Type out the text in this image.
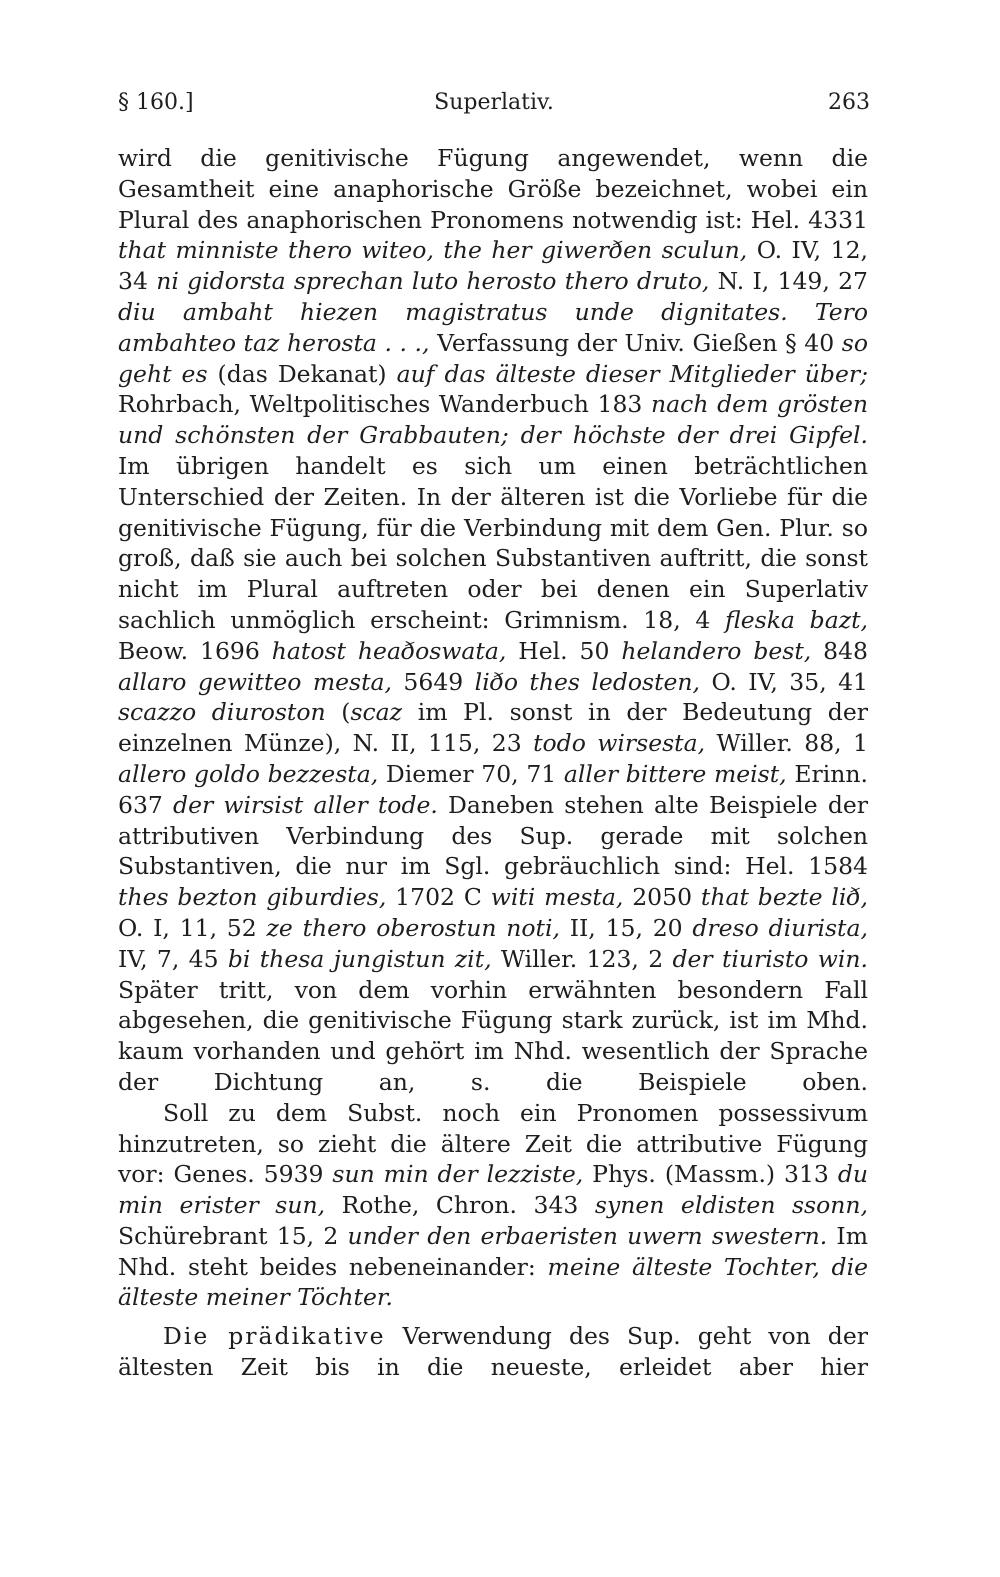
§ 160.]	Superlativ.	263

wird die genitivische Fügung angewendet, wenn die Gesamtheit eine anaphorische Größe bezeichnet, wobei ein Plural des anaphorischen Pronomens notwendig ist: Hel. 4331 that minniste thero witeo, the her giwerðen sculun, O. IV, 12, 34 ni gidorsta sprechan luto herosto thero druto, N. I, 149, 27 diu ambaht hiezen magistratus unde dignitates. Tero ambahteo taz herosta . . ., Verfassung der Univ. Gießen § 40 so geht es (das Dekanat) auf das älteste dieser Mitglieder über; Rohrbach, Weltpolitisches Wanderbuch 183 nach dem grösten und schönsten der Grabbauten; der höchste der drei Gipfel. Im übrigen handelt es sich um einen beträchtlichen Unterschied der Zeiten. In der älteren ist die Vorliebe für die genitivische Fügung, für die Verbindung mit dem Gen. Plur. so groß, daß sie auch bei solchen Substantiven auftritt, die sonst nicht im Plural auftreten oder bei denen ein Superlativ sachlich unmöglich erscheint: Grimnism. 18, 4 fleska bazt, Beow. 1696 hatost heaðoswata, Hel. 50 helandero best, 848 allaro gewitteo mesta, 5649 liðo thes ledosten, O. IV, 35, 41 scazzo diuroston (scaz im Pl. sonst in der Bedeutung der einzelnen Münze), N. II, 115, 23 todo wirsesta, Willer. 88, 1 allero goldo bezzesta, Diemer 70, 71 aller bittere meist, Erinn. 637 der wirsist aller tode. Daneben stehen alte Beispiele der attributiven Verbindung des Sup. gerade mit solchen Substantiven, die nur im Sgl. gebräuchlich sind: Hel. 1584 thes bezton giburdies, 1702 C witi mesta, 2050 that bezte lið, O. I, 11, 52 ze thero oberostun noti, II, 15, 20 dreso diurista, IV, 7, 45 bi thesa jungistun zit, Willer. 123, 2 der tiuristo win. Später tritt, von dem vorhin erwähnten besondern Fall abgesehen, die genitivische Fügung stark zurück, ist im Mhd. kaum vorhanden und gehört im Nhd. wesentlich der Sprache der Dichtung an, s. die Beispiele oben.

Soll zu dem Subst. noch ein Pronomen possessivum hinzutreten, so zieht die ältere Zeit die attributive Fügung vor: Genes. 5939 sun min der lezziste, Phys. (Massm.) 313 du min erister sun, Rothe, Chron. 343 synen eldisten ssonn, Schürebrant 15, 2 under den erbaeristen uwern swestern. Im Nhd. steht beides nebeneinander: meine älteste Tochter, die älteste meiner Töchter.

Die prädikative Verwendung des Sup. geht von der ältesten Zeit bis in die neueste, erleidet aber hier
